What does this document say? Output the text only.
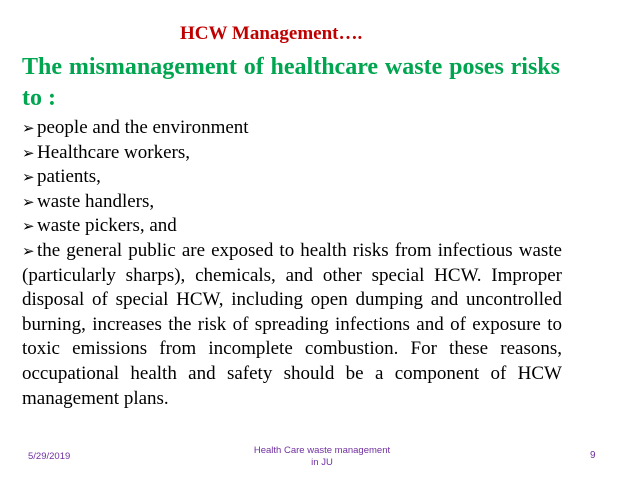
HCW Management….
The mismanagement of healthcare waste poses risks to :
➢ people and the environment
➢ Healthcare workers,
➢ patients,
➢ waste handlers,
➢ waste pickers, and
➢ the general public are exposed to health risks from infectious waste (particularly sharps), chemicals, and other special HCW. Improper disposal of special HCW, including open dumping and uncontrolled burning, increases the risk of spreading infections and of exposure to toxic emissions from incomplete combustion. For these reasons, occupational health and safety should be a component of HCW management plans.
5/29/2019
Health Care waste management
in JU
9
